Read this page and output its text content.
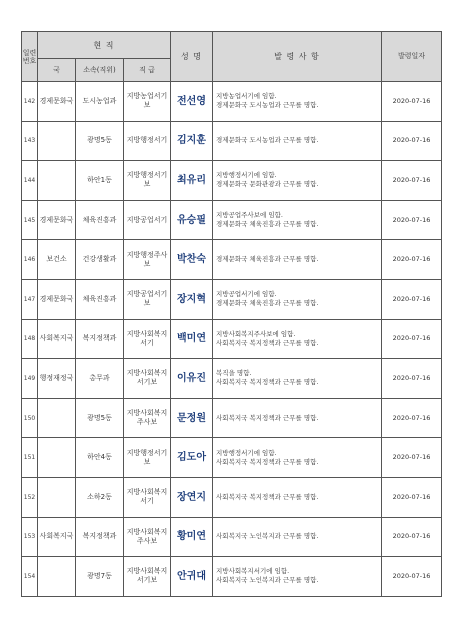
일련번호	현 직			성 명	발 령 사 항	발령일자
	국	소속(직위)	직 급			
142	경제문화국	도시농업과	지방농업서기보	전선영	지방농업서기에 임함.
경제문화국 도시농업과 근무를 명함.	2020-07-16
143		광명5동	지방행정서기	김지훈	경제문화국 도시농업과 근무를 명함.	2020-07-16
144		하안1동	지방행정서기보	최유리	지방행정서기에 임함.
경제문화국 문화관광과 근무를 명함.	2020-07-16
145	경제문화국	체육진흥과	지방공업서기	유승필	지방공업주사보에 임함.
경제문화국 체육진흥과 근무를 명함.	2020-07-16
146	보건소	건강생활과	지방행정주사보	박찬숙	경제문화국 체육진흥과 근무를 명함.	2020-07-16
147	경제문화국	체육진흥과	지방공업서기보	장지혁	지방공업서기에 임함.
경제문화국 체육진흥과 근무를 명함.	2020-07-16
148	사회복지국	복지정책과	지방사회복지서기	백미연	지방사회복지주사보에 임함.
사회복지국 복지정책과 근무를 명함.	2020-07-16
149	행정재정국	총무과	지방사회복지서기보	이유진	복직을 명함.
사회복지국 복지정책과 근무를 명함.	2020-07-16
150		광명5동	지방사회복지주사보	문정원	사회복지국 복지정책과 근무를 명함.	2020-07-16
151		하안4동	지방행정서기보	김도아	지방행정서기에 임함.
사회복지국 복지정책과 근무를 명함.	2020-07-16
152		소하2동	지방사회복지서기	장연지	사회복지국 복지정책과 근무를 명함.	2020-07-16
153	사회복지국	복지정책과	지방사회복지주사보	황미연	사회복지국 노인복지과 근무를 명함.	2020-07-16
154		광명7동	지방사회복지서기보	안귀대	지방사회복지서기에 임함.
사회복지국 노인복지과 근무를 명함.	2020-07-16
